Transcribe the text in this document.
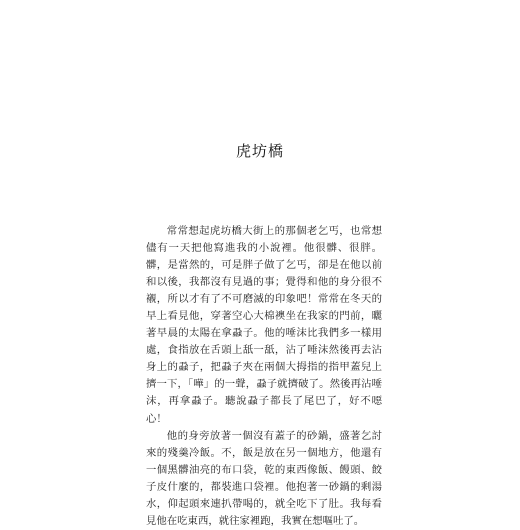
虎坊橋

常常想起虎坊橋大街上的那個老乞丐，也常想儘有一天把他寫進我的小說裡。他很髒、很胖。髒，是當然的，可是胖子做了乞丐，卻是在他以前和以後，我都沒有見過的事；覺得和他的身分很不襯，所以才有了不可磨滅的印象吧！常常在冬天的早上看見他，穿著空心大棉襖坐在我家的門前，曬著早晨的太陽在拿蝨子。他的唾沫比我們多一樣用處，食指放在舌頭上舐一舐，沾了唾沫然後再去沾身上的蝨子，把蝨子夾在兩個大拇指的指甲蓋兒上擠一下，「嘩」的一聲，蝨子就擠破了。然後再沾唾沫，再拿蝨子。聽說蝨子都長了尾巴了，好不噁心！

他的身旁放著一個沒有蓋子的砂鍋，盛著乞討來的殘羹冷飯。不，飯是放在另一個地方，他還有一個黑髒油亮的布口袋，乾的東西像飯、饅頭、餃子皮什麼的，都裝進口袋裡。他抱著一砂鍋的剩湯水，仰起頭來連扒帶喝的，就全吃下了肚。我每看見他在吃東西，就往家裡跑，我實在想嘔吐了。
